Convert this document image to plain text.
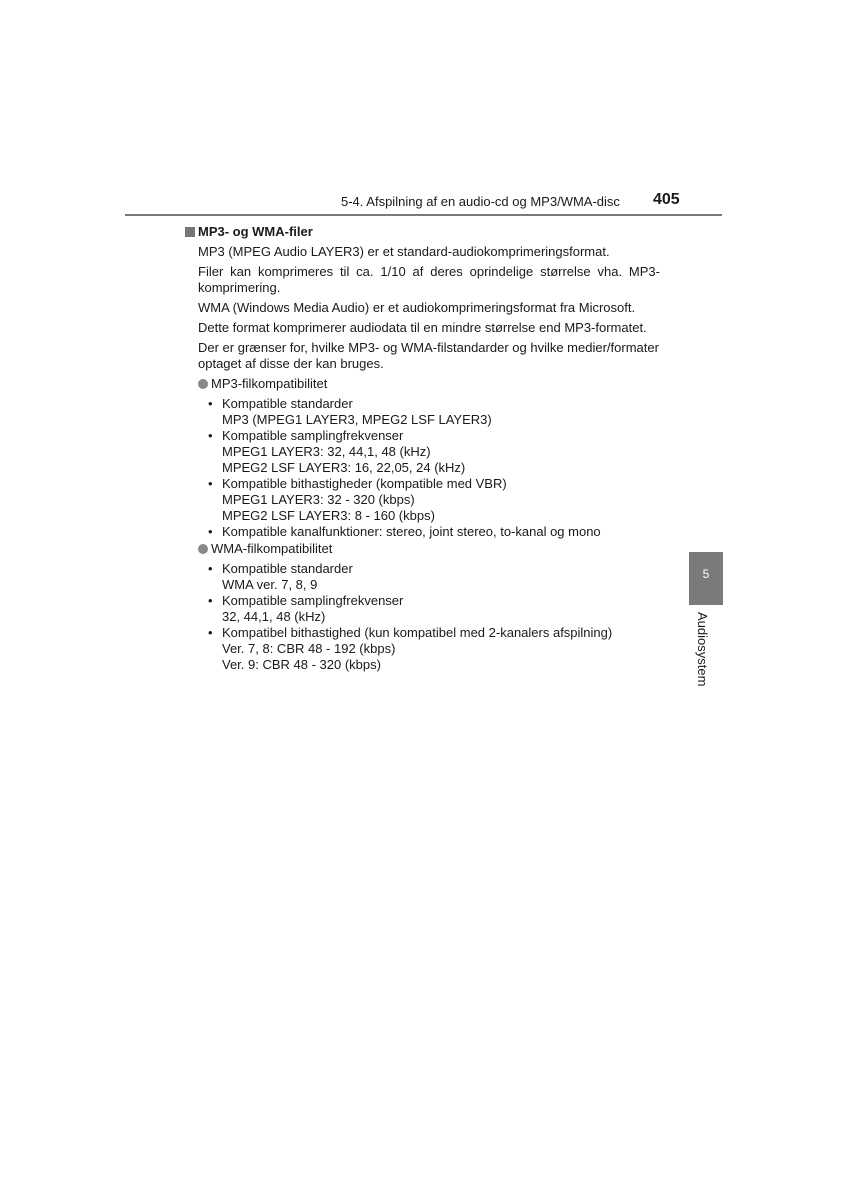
5-4. Afspilning af en audio-cd og MP3/WMA-disc 405
MP3- og WMA-filer

MP3 (MPEG Audio LAYER3) er et standard-audiokomprimeringsformat.

Filer kan komprimeres til ca. 1/10 af deres oprindelige størrelse vha. MP3-komprimering.

WMA (Windows Media Audio) er et audiokomprimeringsformat fra Microsoft.

Dette format komprimerer audiodata til en mindre størrelse end MP3-formatet.

Der er grænser for, hvilke MP3- og WMA-filstandarder og hvilke medier/formater optaget af disse der kan bruges.

MP3-filkompatibilitet
• Kompatible standarder
MP3 (MPEG1 LAYER3, MPEG2 LSF LAYER3)
• Kompatible samplingfrekvenser
MPEG1 LAYER3: 32, 44,1, 48 (kHz)
MPEG2 LSF LAYER3: 16, 22,05, 24 (kHz)
• Kompatible bithastigheder (kompatible med VBR)
MPEG1 LAYER3: 32 - 320 (kbps)
MPEG2 LSF LAYER3: 8 - 160 (kbps)
• Kompatible kanalfunktioner: stereo, joint stereo, to-kanal og mono
WMA-filkompatibilitet
• Kompatible standarder
WMA ver. 7, 8, 9
• Kompatible samplingfrekvenser
32, 44,1, 48 (kHz)
• Kompatibel bithastighed (kun kompatibel med 2-kanalers afspilning)
Ver. 7, 8: CBR 48 - 192 (kbps)
Ver. 9: CBR 48 - 320 (kbps)
5
Audiosystem
